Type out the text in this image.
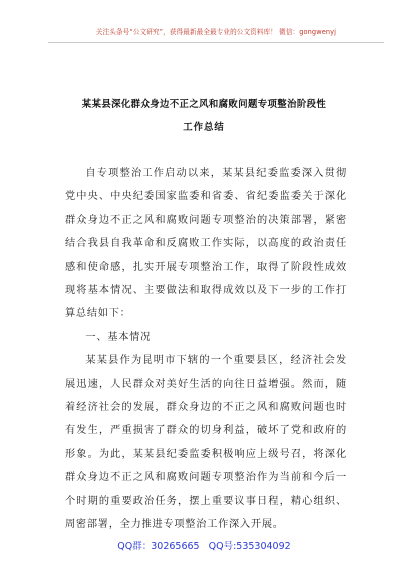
关注头条号“公文研究”，获得最新最全最专业的公文资料库！ 微信：gongwenyj
某某县深化群众身边不正之风和腐败问题专项整治阶段性
工作总结

自专项整治工作启动以来，某某县纪委监委深入贯彻党中央、中央纪委国家监委和省委、省纪委监委关于深化群众身边不正之风和腐败问题专项整治的决策部署，紧密结合我县自我革命和反腐败工作实际，以高度的政治责任感和使命感，扎实开展专项整治工作，取得了阶段性成效现将基本情况、主要做法和取得成效以及下一步的工作打算总结如下：

一、基本情况

某某县作为昆明市下辖的一个重要县区，经济社会发展迅速，人民群众对美好生活的向往日益增强。然而，随着经济社会的发展，群众身边的不正之风和腐败问题也时有发生，严重损害了群众的切身利益，破坏了党和政府的形象。为此，某某县纪委监委积极响应上级号召，将深化群众身边不正之风和腐败问题专项整治作为当前和今后一个时期的重要政治任务，摆上重要议事日程，精心组织、周密部署，全力推进专项整治工作深入开展。

QQ群：30265665 QQ号:535304092
